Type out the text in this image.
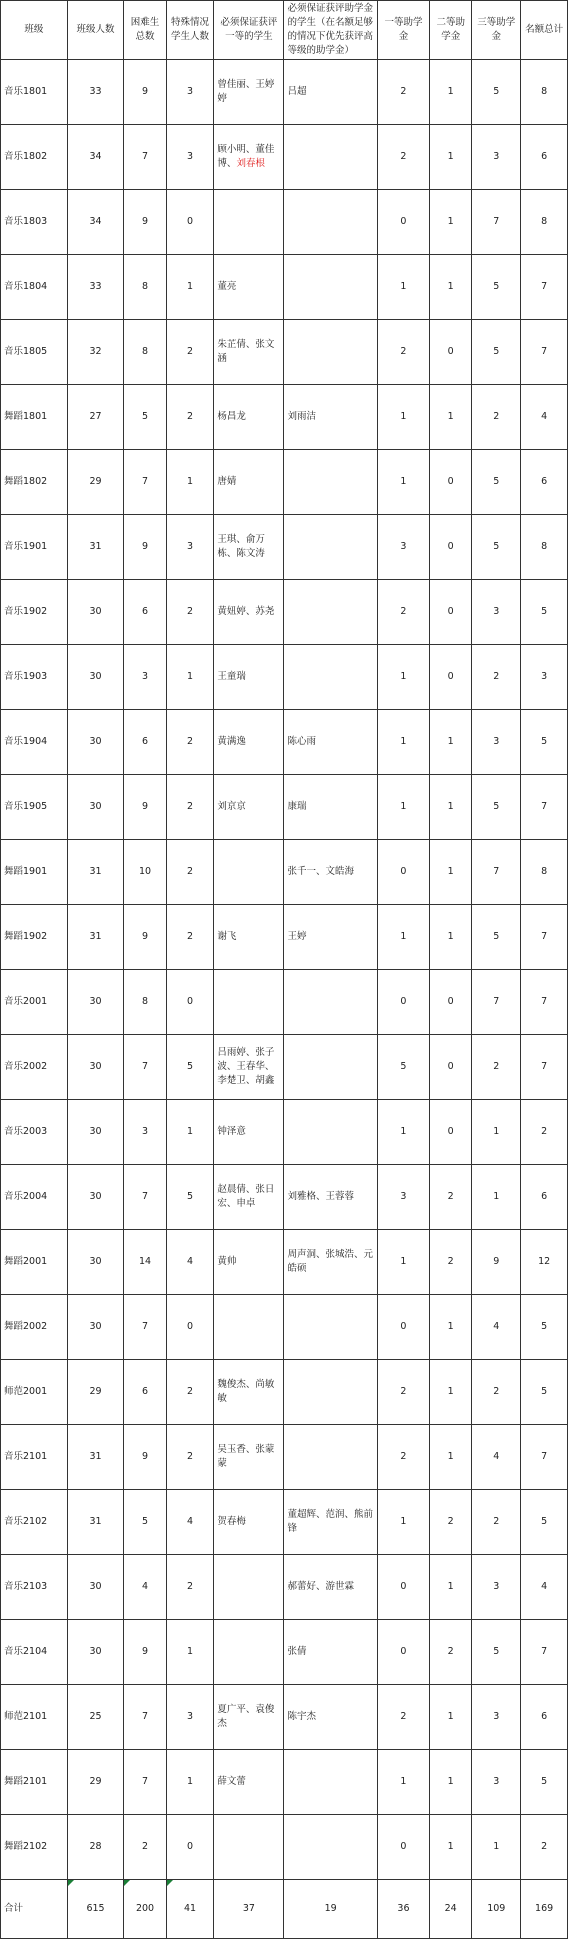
班级	班级人数	困难生总数	特殊情况学生人数	必须保证获评一等的学生	必须保证获评助学金的学生（在名额足够的情况下优先获评高等级的助学金）	一等助学金	二等助学金	三等助学金	名额总计
音乐1801	33	9	3	曾佳丽、王婷婷	吕超	2	1	5	8
音乐1802	34	7	3	顾小明、董佳博、刘春根		2	1	3	6
音乐1803	34	9	0			0	1	7	8
音乐1804	33	8	1	董亮		1	1	5	7
音乐1805	32	8	2	朱芷倩、张文涵		2	0	5	7
舞蹈1801	27	5	2	杨昌龙	刘雨洁	1	1	2	4
舞蹈1802	29	7	1	唐婧		1	0	5	6
音乐1901	31	9	3	王琪、俞万栋、陈文涛		3	0	5	8
音乐1902	30	6	2	黄妞婷、苏尧		2	0	3	5
音乐1903	30	3	1	王童瑞		1	0	2	3
音乐1904	30	6	2	黄满逸	陈心雨	1	1	3	5
音乐1905	30	9	2	刘京京	康瑞	1	1	5	7
舞蹈1901	31	10	2		张千一、文皓海	0	1	7	8
舞蹈1902	31	9	2	谢飞	王婷	1	1	5	7
音乐2001	30	8	0			0	0	7	7
音乐2002	30	7	5	吕雨婷、张子波、王春华、李楚卫、胡鑫		5	0	2	7
音乐2003	30	3	1	钟泽意		1	0	1	2
音乐2004	30	7	5	赵晨倩、张日宏、申卓	刘雅格、王蓉蓉	3	2	1	6
舞蹈2001	30	14	4	黄帅	周声洞、张城浩、元皓硕	1	2	9	12
舞蹈2002	30	7	0			0	1	4	5
师范2001	29	6	2	魏俊杰、尚敏敏		2	1	2	5
音乐2101	31	9	2	吴玉香、张蒙蒙		2	1	4	7
音乐2102	31	5	4	贺春梅	董超辉、范润、熊前锋	1	2	2	5
音乐2103	30	4	2		郝蕾好、游世霖	0	1	3	4
音乐2104	30	9	1		张倩	0	2	5	7
师范2101	25	7	3	夏广平、袁俊杰	陈宇杰	2	1	3	6
舞蹈2101	29	7	1	薛文蕾		1	1	3	5
舞蹈2102	28	2	0			0	1	1	2
合计	615	200	41	37	19	36	24	109	169
